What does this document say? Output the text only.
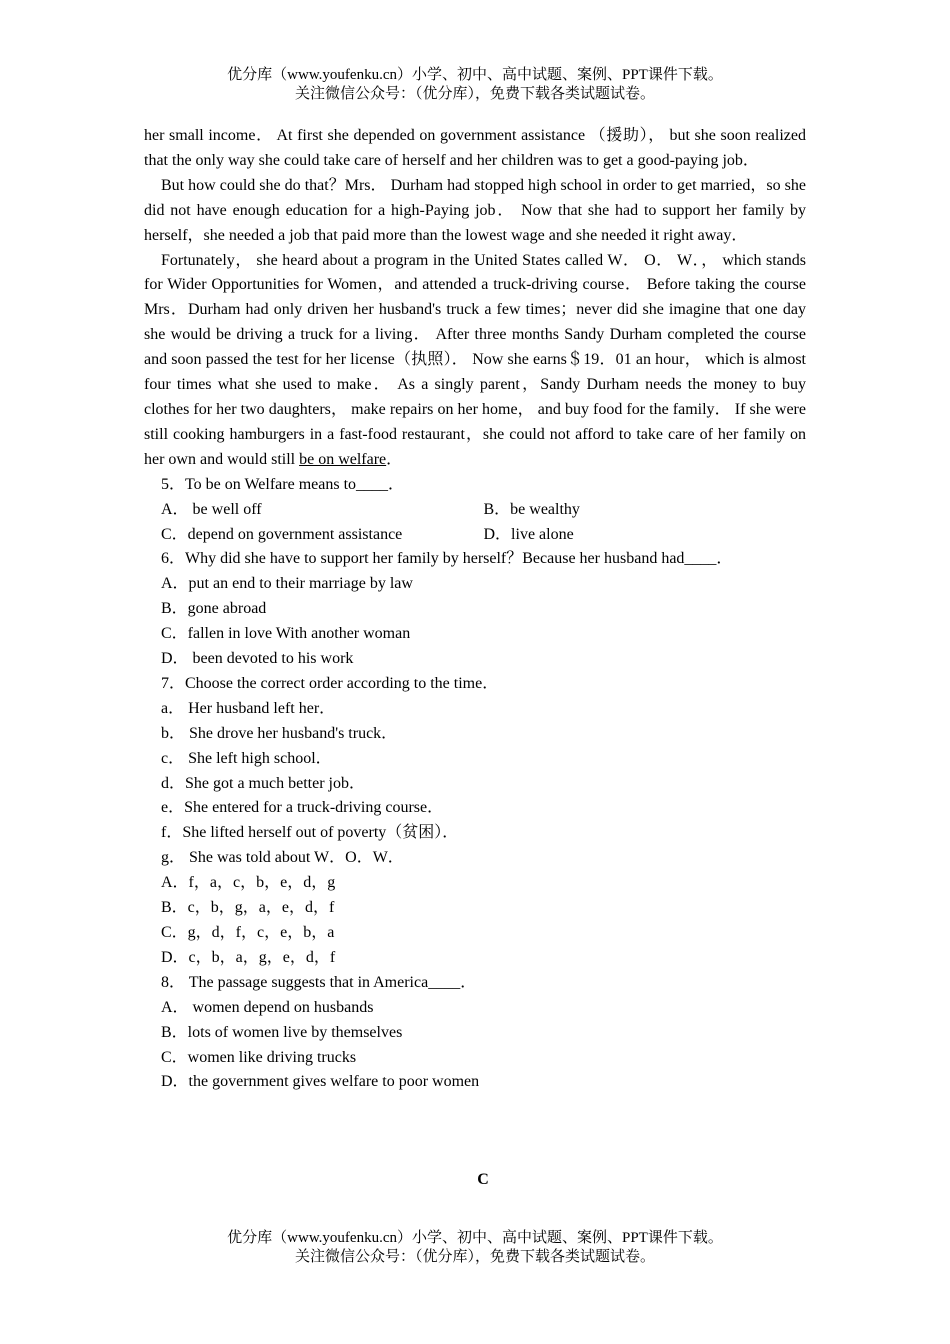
优分库（www.youfenku.cn）小学、初中、高中试题、案例、PPT课件下载。
关注微信公众号：（优分库），免费下载各类试题试卷。

her small income． At first she depended on government assistance （援助）， but she soon realized that the only way she could take care of herself and her children was to get a good-paying job．

But how could she do that？Mrs． Durham had stopped high school in order to get married，so she did not have enough education for a high-Paying job． Now that she had to support her family by herself，she needed a job that paid more than the lowest wage and she needed it right away．

Fortunately， she heard about a program in the United States called W． O． W．， which stands for Wider Opportunities for Women，and attended a truck-driving course． Before taking the course Mrs．Durham had only driven her husband's truck a few times；never did she imagine that one day she would be driving a truck for a living． After three months Sandy Durham completed the course and soon passed the test for her license（执照）． Now she earns＄19．01 an hour， which is almost four times what she used to make． As a singly parent，Sandy Durham needs the money to buy clothes for her two daughters， make repairs on her home， and buy food for the family． If she were still cooking hamburgers in a fast-food restaurant，she could not afford to take care of her family on her own and would still be on welfare．

5．To be on Welfare means to____．

A． be well off	B．be wealthy

C．depend on government assistance	D．live alone

6．Why did she have to support her family by herself？Because her husband had____．

A．put an end to their marriage by law

B．gone abroad

C．fallen in love With another woman

D． been devoted to his work

7．Choose the correct order according to the time．

a． Her husband left her．

b． She drove her husband's truck．

c． She left high school．

d．She got a much better job．

e．She entered for a truck-driving course．

f．She lifted herself out of poverty（贫困）．

g． She was told about W．O．W．

A．f，a，c，b，e，d，g

B．c，b，g，a，e，d，f

C．g，d，f，c，e，b，a

D．c，b，a，g，e，d，f

8． The passage suggests that in America____．

A． women depend on husbands

B．lots of women live by themselves

C．women like driving trucks

D．the government gives welfare to poor women

C
优分库（www.youfenku.cn）小学、初中、高中试题、案例、PPT课件下载。
关注微信公众号：（优分库），免费下载各类试题试卷。
